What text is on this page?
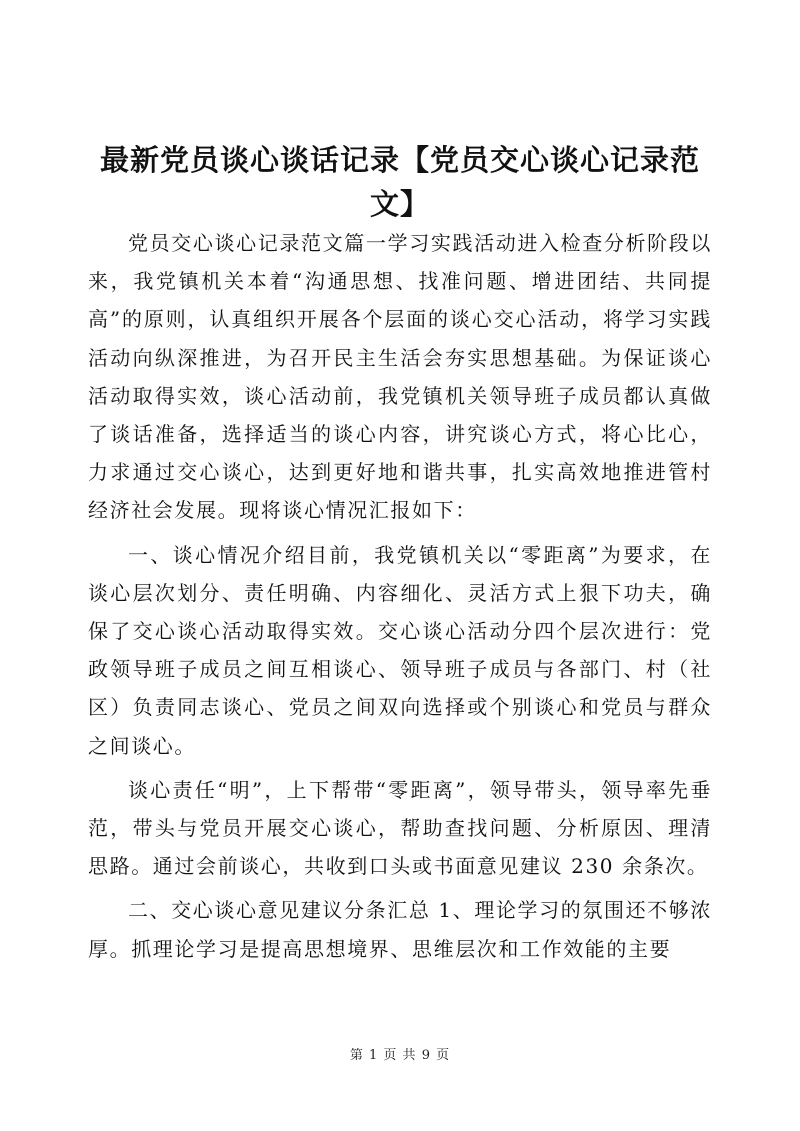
最新党员谈心谈话记录【党员交心谈心记录范文】

党员交心谈心记录范文篇一学习实践活动进入检查分析阶段以来，我党镇机关本着“沟通思想、找准问题、增进团结、共同提高”的原则，认真组织开展各个层面的谈心交心活动，将学习实践活动向纵深推进，为召开民主生活会夯实思想基础。为保证谈心活动取得实效，谈心活动前，我党镇机关领导班子成员都认真做了谈话准备，选择适当的谈心内容，讲究谈心方式，将心比心，力求通过交心谈心，达到更好地和谐共事，扎实高效地推进管村经济社会发展。现将谈心情况汇报如下：

一、谈心情况介绍目前，我党镇机关以“零距离”为要求，在谈心层次划分、责任明确、内容细化、灵活方式上狠下功夫，确保了交心谈心活动取得实效。交心谈心活动分四个层次进行：党政领导班子成员之间互相谈心、领导班子成员与各部门、村（社区）负责同志谈心、党员之间双向选择或个别谈心和党员与群众之间谈心。

谈心责任“明”，上下帮带“零距离”，领导带头，领导率先垂范，带头与党员开展交心谈心，帮助查找问题、分析原因、理清思路。通过会前谈心，共收到口头或书面意见建议 230 余条次。

二、交心谈心意见建议分条汇总 1、理论学习的氛围还不够浓厚。抓理论学习是提高思想境界、思维层次和工作效能的主要

第 1 页 共 9 页
